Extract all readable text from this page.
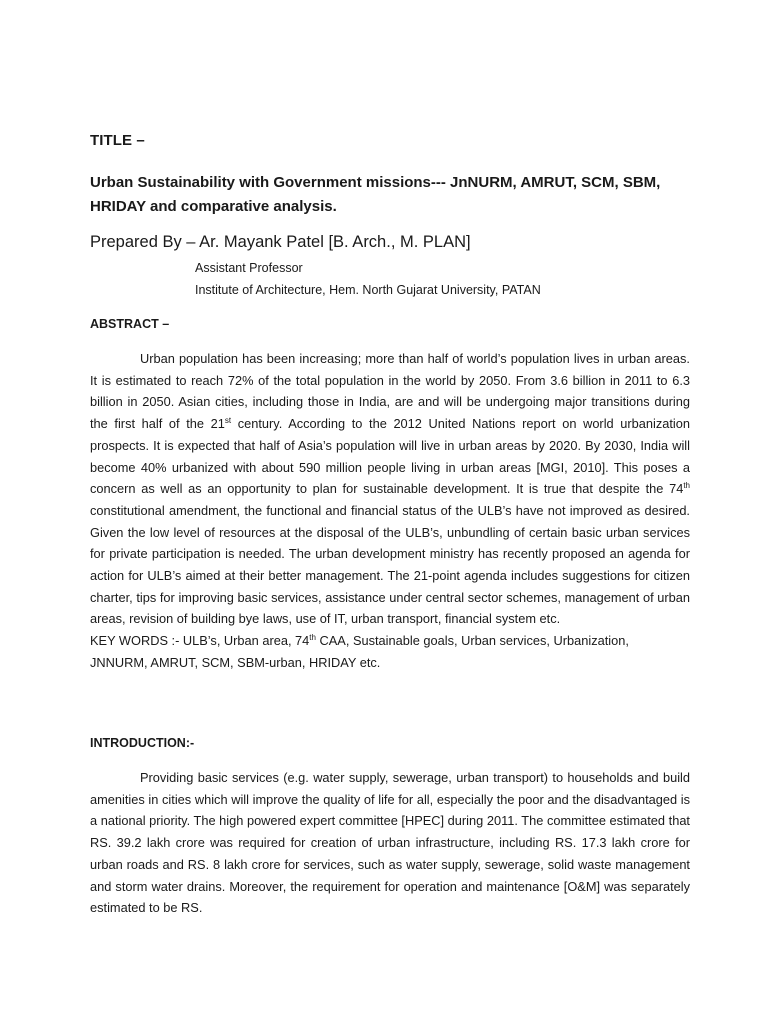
TITLE –
Urban Sustainability with Government missions--- JnNURM, AMRUT, SCM, SBM, HRIDAY and comparative analysis.
Prepared By – Ar. Mayank Patel [B. Arch., M. PLAN]
Assistant Professor
Institute of Architecture, Hem. North Gujarat University, PATAN
ABSTRACT –

Urban population has been increasing; more than half of world’s population lives in urban areas. It is estimated to reach 72% of the total population in the world by 2050. From 3.6 billion in 2011 to 6.3 billion in 2050. Asian cities, including those in India, are and will be undergoing major transitions during the first half of the 21st century. According to the 2012 United Nations report on world urbanization prospects. It is expected that half of Asia’s population will live in urban areas by 2020. By 2030, India will become 40% urbanized with about 590 million people living in urban areas [MGI, 2010]. This poses a concern as well as an opportunity to plan for sustainable development. It is true that despite the 74th constitutional amendment, the functional and financial status of the ULB’s have not improved as desired. Given the low level of resources at the disposal of the ULB’s, unbundling of certain basic urban services for private participation is needed. The urban development ministry has recently proposed an agenda for action for ULB’s aimed at their better management. The 21-point agenda includes suggestions for citizen charter, tips for improving basic services, assistance under central sector schemes, management of urban areas, revision of building bye laws, use of IT, urban transport, financial system etc.

KEY WORDS :- ULB’s, Urban area, 74th CAA, Sustainable goals, Urban services, Urbanization, JNNURM, AMRUT, SCM, SBM-urban, HRIDAY etc.

INTRODUCTION:-

Providing basic services (e.g. water supply, sewerage, urban transport) to households and build amenities in cities which will improve the quality of life for all, especially the poor and the disadvantaged is a national priority. The high powered expert committee [HPEC] during 2011. The committee estimated that RS. 39.2 lakh crore was required for creation of urban infrastructure, including RS. 17.3 lakh crore for urban roads and RS. 8 lakh crore for services, such as water supply, sewerage, solid waste management and storm water drains. Moreover, the requirement for operation and maintenance [O&M] was separately estimated to be RS.
